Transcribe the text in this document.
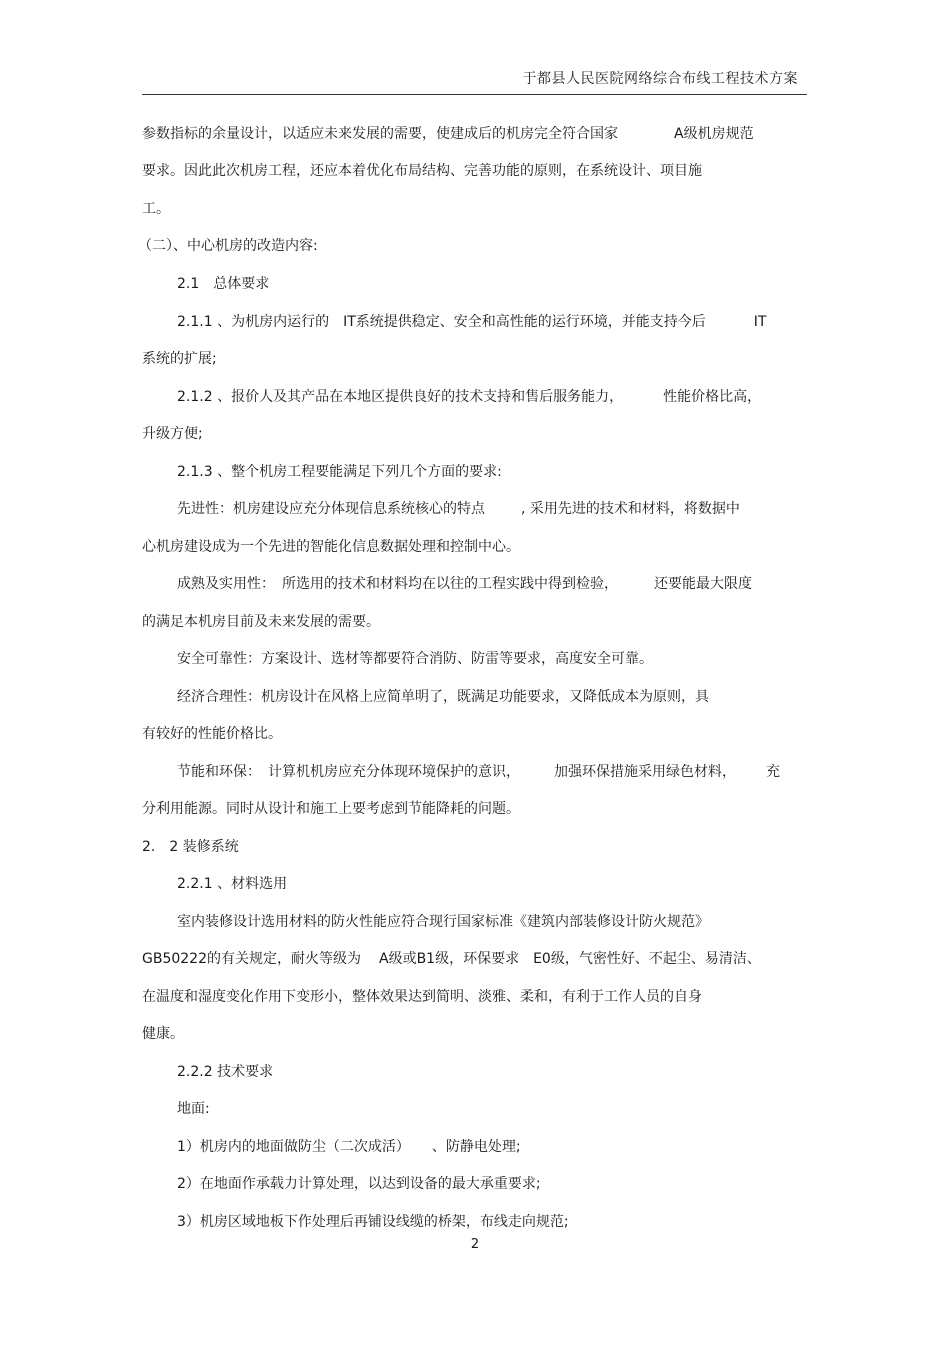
于都县人民医院网络综合布线工程技术方案
参数指标的余量设计，以适应未来发展的需要，使建成后的机房完全符合国家	A级机房规范
要求。因此此次机房工程，还应本着优化布局结构、完善功能的原则，在系统设计、项目施
工。
（二）、中心机房的改造内容:
2.1　总体要求
2.1.1 、为机房内运行的　IT系统提供稳定、安全和高性能的运行环境，并能支持今后	IT
系统的扩展;
2.1.2 、报价人及其产品在本地区提供良好的技术支持和售后服务能力，	性能价格比高，
升级方便;
2.1.3 、整个机房工程要能满足下列几个方面的要求:
先进性：机房建设应充分体现信息系统核心的特点	, 采用先进的技术和材料，将数据中
心机房建设成为一个先进的智能化信息数据处理和控制中心。
成熟及实用性：　所选用的技术和材料均在以往的工程实践中得到检验，	还要能最大限度
的满足本机房目前及未来发展的需要。
安全可靠性：方案设计、选材等都要符合消防、防雷等要求，高度安全可靠。
经济合理性：机房设计在风格上应简单明了，既满足功能要求，又降低成本为原则，具
有较好的性能价格比。
节能和环保：　计算机机房应充分体现环境保护的意识， 加强环保措施采用绿色材料， 充
分利用能源。同时从设计和施工上要考虑到节能降耗的问题。
2.　2 装修系统
2.2.1 、材料选用
室内装修设计选用材料的防火性能应符合现行国家标准《建筑内部装修设计防火规范》
GB50222的有关规定，耐火等级为 A级或B1级，环保要求　E0级，气密性好、不起尘、易清洁、
在温度和湿度变化作用下变形小，整体效果达到简明、淡雅、柔和，有利于工作人员的自身
健康。
2.2.2 技术要求
地面:
1）机房内的地面做防尘（二次成活） 、防静电处理;
2）在地面作承载力计算处理，以达到设备的最大承重要求;
3）机房区域地板下作处理后再铺设线缆的桥架，布线走向规范;
2
